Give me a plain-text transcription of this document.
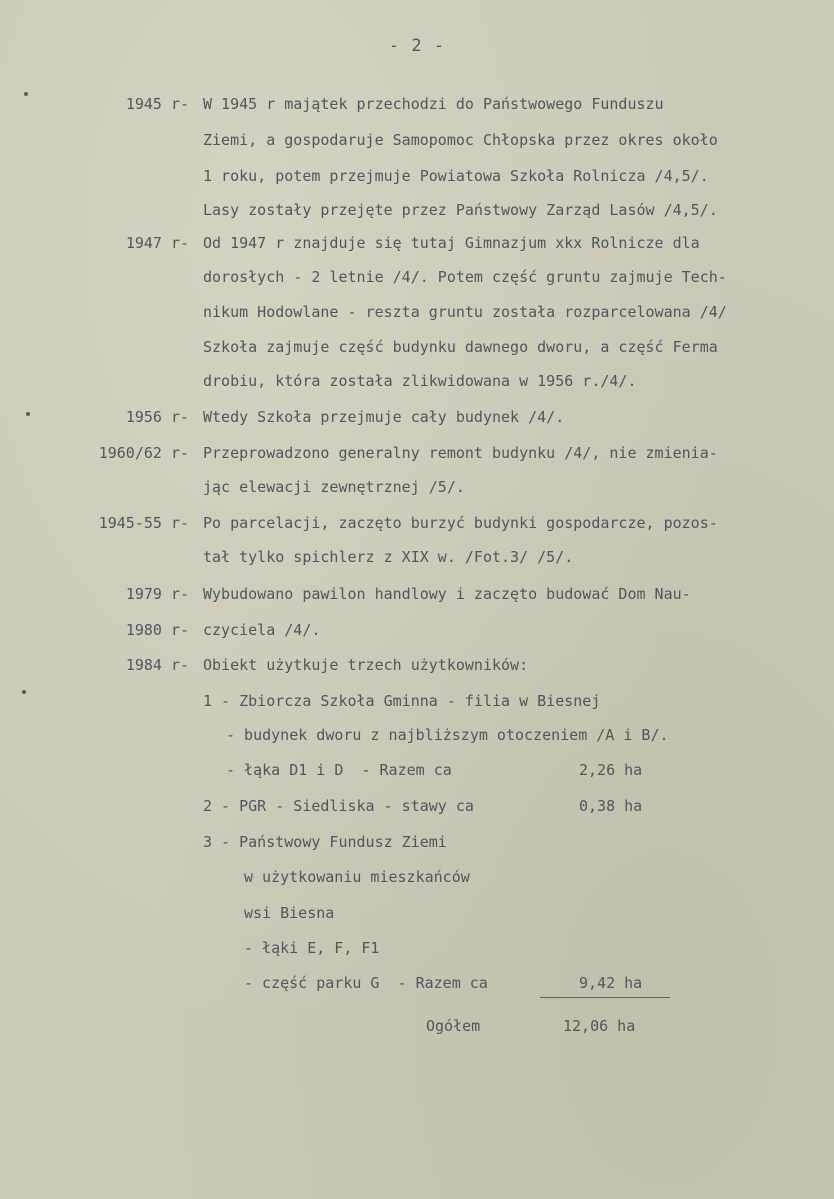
- 2 -
1945 r - W 1945 r majątek przechodzi do Państwowego Funduszu
Ziemi, a gospodaruje Samopomoc Chłopska przez okres około
1 roku, potem przejmuje Powiatowa Szkoła Rolnicza /4,5/.
Lasy zostały przejęte przez Państwowy Zarząd Lasów /4,5/.
1947 r - Od 1947 r znajduje się tutaj Gimnazjum xkx Rolnicze dla
dorosłych - 2 letnie /4/. Potem część gruntu zajmuje Tech-
nikum Hodowlane - reszta gruntu została rozparcelowana /4/
Szkoła zajmuje część budynku dawnego dworu, a część Ferma
drobiu, która została zlikwidowana w 1956 r./4/.
1956 r - Wtedy Szkoła przejmuje cały budynek /4/.
1960/62 r - Przeprowadzono generalny remont budynku /4/, nie zmienia-
jąc elewacji zewnętrznej /5/.
1945-55 r - Po parcelacji, zaczęto burzyć budynki gospodarcze, pozos-
tał tylko spichlerz z XIX w. /Fot.3/ /5/.
1979 r - Wybudowano pawilon handlowy i zaczęto budować Dom Nau-
1980 r - czyciela /4/.
1984 r - Obiekt użytkuje trzech użytkowników:
1 - Zbiorcza Szkoła Gminna - filia w Biesnej
- budynek dworu z najbliższym otoczeniem /A i B/.
- łąka D1 i D  - Razem ca	2,26 ha
2 - PGR - Siedliska - stawy ca	0,38 ha
3 - Państwowy Fundusz Ziemi
w użytkowaniu mieszkańców
wsi Biesna
- łąki E, F, F1
- część parku G  - Razem ca	9,42 ha
Ogółem	12,06 ha
